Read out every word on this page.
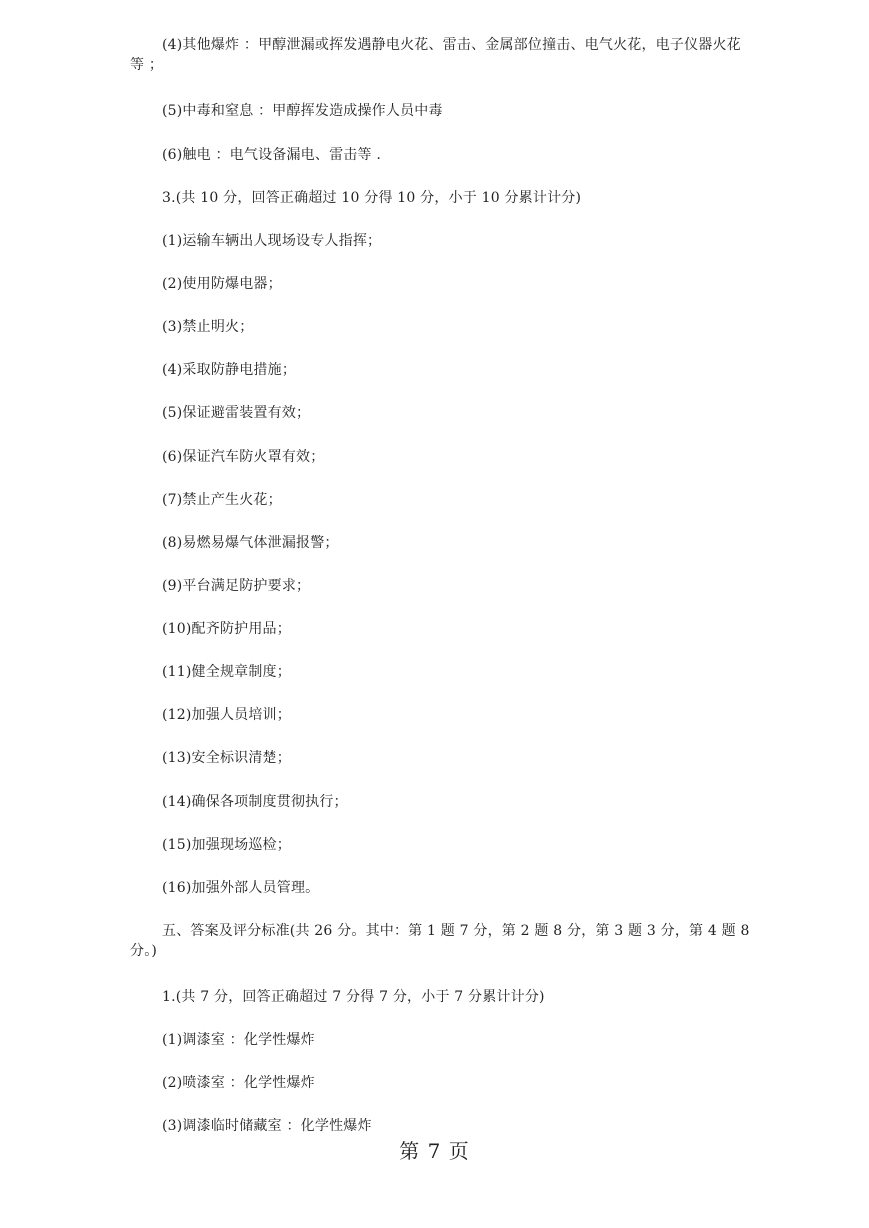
(4)其他爆炸 ：甲醇泄漏或挥发遇静电火花、雷击、金属部位撞击、电气火花，电子仪器火花等 ；
(5)中毒和窒息 ：甲醇挥发造成操作人员中毒
(6)触电 ：电气设备漏电、雷击等 .
3.(共 10 分，回答正确超过 10 分得 10 分，小于 10 分累计计分)
(1)运输车辆出人现场设专人指挥；
(2)使用防爆电器；
(3)禁止明火；
(4)采取防静电措施；
(5)保证避雷装置有效；
(6)保证汽车防火罩有效；
(7)禁止产生火花；
(8)易燃易爆气体泄漏报警；
(9)平台满足防护要求；
(10)配齐防护用品；
(11)健全规章制度；
(12)加强人员培训；
(13)安全标识清楚；
(14)确保各项制度贯彻执行；
(15)加强现场巡检；
(16)加强外部人员管理。
五、答案及评分标准(共 26 分。其中：第 1 题 7 分，第 2 题 8 分，第 3 题 3 分，第 4 题 8 分。)
1.(共 7 分，回答正确超过 7 分得 7 分，小于 7 分累计计分)
(1)调漆室 ：化学性爆炸
(2)喷漆室 ：化学性爆炸
(3)调漆临时储藏室 ：化学性爆炸
第 7 页
